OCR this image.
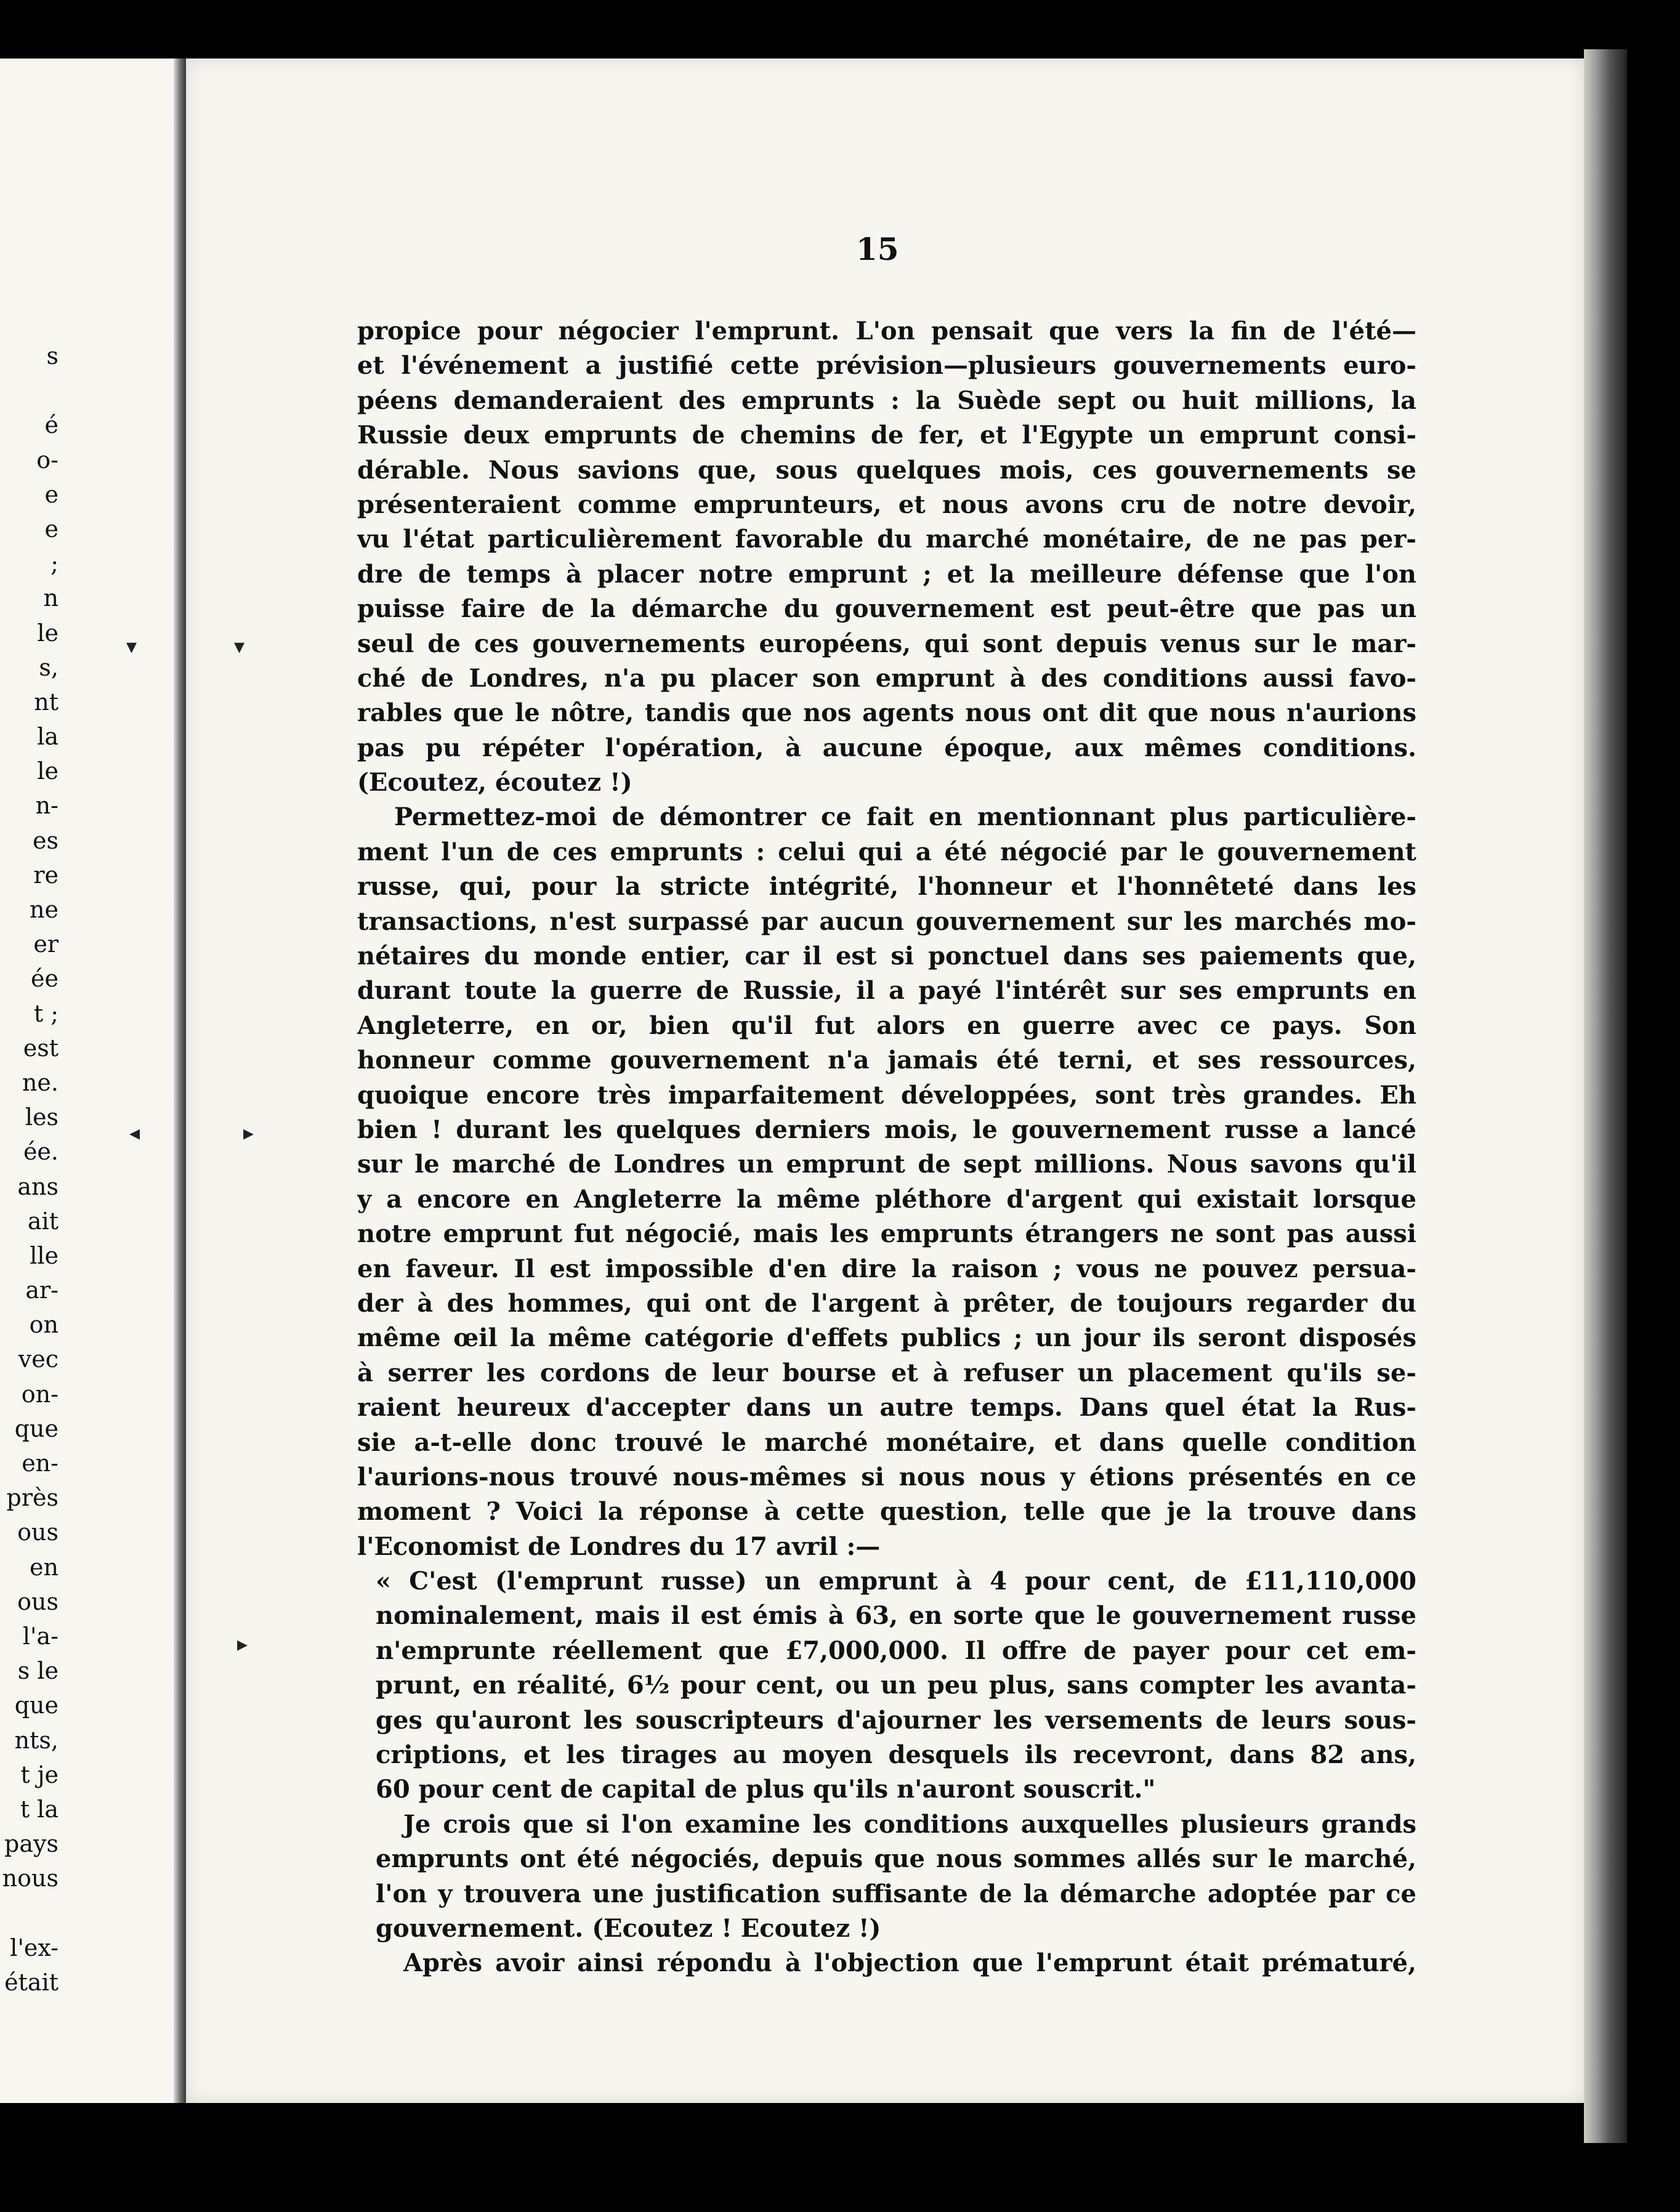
s
é
o-
e
e
;
n
le
s,
nt
la
le
n-
es
re
ne
er
ée
t ;
est
ne.
les
ée.
ans
ait
lle
ar-
on
vec
on-
que
en-
près
ous
en
ous
l'a-
s le
que
nts,
t je
t la
pays
nous
l'ex-
était
▾	▾
◂	▸
▸
15
propice pour négocier l'emprunt. L'on pensait que vers la fin de l'été—
et l'événement a justifié cette prévision—plusieurs gouvernements euro-
péens demanderaient des emprunts : la Suède sept ou huit millions, la
Russie deux emprunts de chemins de fer, et l'Egypte un emprunt consi-
dérable. Nous savions que, sous quelques mois, ces gouvernements se
présenteraient comme emprunteurs, et nous avons cru de notre devoir,
vu l'état particulièrement favorable du marché monétaire, de ne pas per-
dre de temps à placer notre emprunt ; et la meilleure défense que l'on
puisse faire de la démarche du gouvernement est peut-être que pas un
seul de ces gouvernements européens, qui sont depuis venus sur le mar-
ché de Londres, n'a pu placer son emprunt à des conditions aussi favo-
rables que le nôtre, tandis que nos agents nous ont dit que nous n'aurions
pas pu répéter l'opération, à aucune époque, aux mêmes conditions.
(Ecoutez, écoutez !)
Permettez-moi de démontrer ce fait en mentionnant plus particulière-
ment l'un de ces emprunts : celui qui a été négocié par le gouvernement
russe, qui, pour la stricte intégrité, l'honneur et l'honnêteté dans les
transactions, n'est surpassé par aucun gouvernement sur les marchés mo-
nétaires du monde entier, car il est si ponctuel dans ses paiements que,
durant toute la guerre de Russie, il a payé l'intérêt sur ses emprunts en
Angleterre, en or, bien qu'il fut alors en guerre avec ce pays. Son
honneur comme gouvernement n'a jamais été terni, et ses ressources,
quoique encore très imparfaitement développées, sont très grandes. Eh
bien ! durant les quelques derniers mois, le gouvernement russe a lancé
sur le marché de Londres un emprunt de sept millions. Nous savons qu'il
y a encore en Angleterre la même pléthore d'argent qui existait lorsque
notre emprunt fut négocié, mais les emprunts étrangers ne sont pas aussi
en faveur. Il est impossible d'en dire la raison ; vous ne pouvez persua-
der à des hommes, qui ont de l'argent à prêter, de toujours regarder du
même œil la même catégorie d'effets publics ; un jour ils seront disposés
à serrer les cordons de leur bourse et à refuser un placement qu'ils se-
raient heureux d'accepter dans un autre temps. Dans quel état la Rus-
sie a-t-elle donc trouvé le marché monétaire, et dans quelle condition
l'aurions-nous trouvé nous-mêmes si nous nous y étions présentés en ce
moment ? Voici la réponse à cette question, telle que je la trouve dans
l'Economist de Londres du 17 avril :—
« C'est (l'emprunt russe) un emprunt à 4 pour cent, de £11,110,000
nominalement, mais il est émis à 63, en sorte que le gouvernement russe
n'emprunte réellement que £7,000,000. Il offre de payer pour cet em-
prunt, en réalité, 6½ pour cent, ou un peu plus, sans compter les avanta-
ges qu'auront les souscripteurs d'ajourner les versements de leurs sous-
criptions, et les tirages au moyen desquels ils recevront, dans 82 ans,
60 pour cent de capital de plus qu'ils n'auront souscrit."
Je crois que si l'on examine les conditions auxquelles plusieurs grands
emprunts ont été négociés, depuis que nous sommes allés sur le marché,
l'on y trouvera une justification suffisante de la démarche adoptée par ce
gouvernement. (Ecoutez ! Ecoutez !)
Après avoir ainsi répondu à l'objection que l'emprunt était prématuré,
